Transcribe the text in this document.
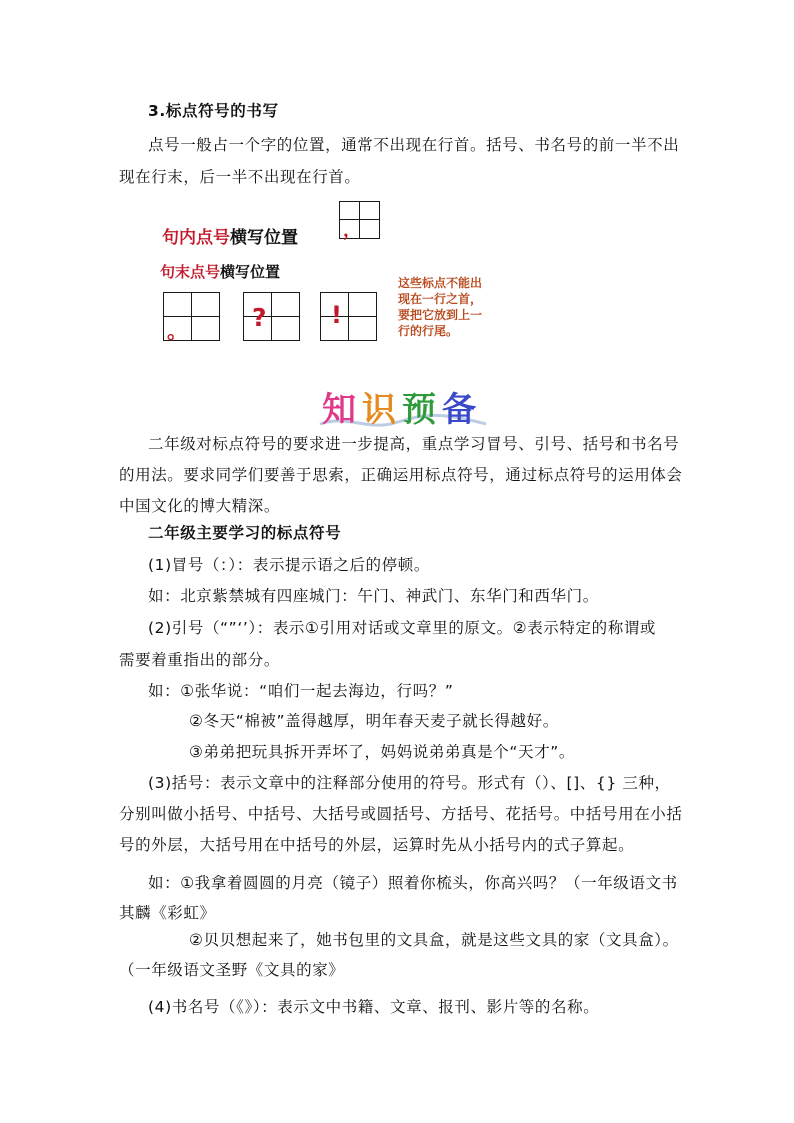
3.标点符号的书写
点号一般占一个字的位置，通常不出现在行首。括号、书名号的前一半不出
现在行末，后一半不出现在行首。
句内点号横写位置	，
句末点号横写位置
。	?	!
这些标点不能出
现在一行之首，
要把它放到上一
行的行尾。
知识预备
二年级对标点符号的要求进一步提高，重点学习冒号、引号、括号和书名号
的用法。要求同学们要善于思索，正确运用标点符号，通过标点符号的运用体会
中国文化的博大精深。
二年级主要学习的标点符号
(1)冒号（：）：表示提示语之后的停顿。
如：北京紫禁城有四座城门：午门、神武门、东华门和西华门。
(2)引号（“”‘’）：表示①引用对话或文章里的原文。②表示特定的称谓或
需要着重指出的部分。
如：①张华说：“咱们一起去海边，行吗？”
②冬天“棉被”盖得越厚，明年春天麦子就长得越好。
③弟弟把玩具拆开弄坏了，妈妈说弟弟真是个“天才”。
(3)括号：表示文章中的注释部分使用的符号。形式有（）、[]、{} 三种，
分别叫做小括号、中括号、大括号或圆括号、方括号、花括号。中括号用在小括
号的外层，大括号用在中括号的外层，运算时先从小括号内的式子算起。
如：①我拿着圆圆的月亮（镜子）照着你梳头，你高兴吗？（一年级语文书
其麟《彩虹》
②贝贝想起来了，她书包里的文具盒，就是这些文具的家（文具盒）。
（一年级语文圣野《文具的家》
(4)书名号（《》）：表示文中书籍、文章、报刊、影片等的名称。
